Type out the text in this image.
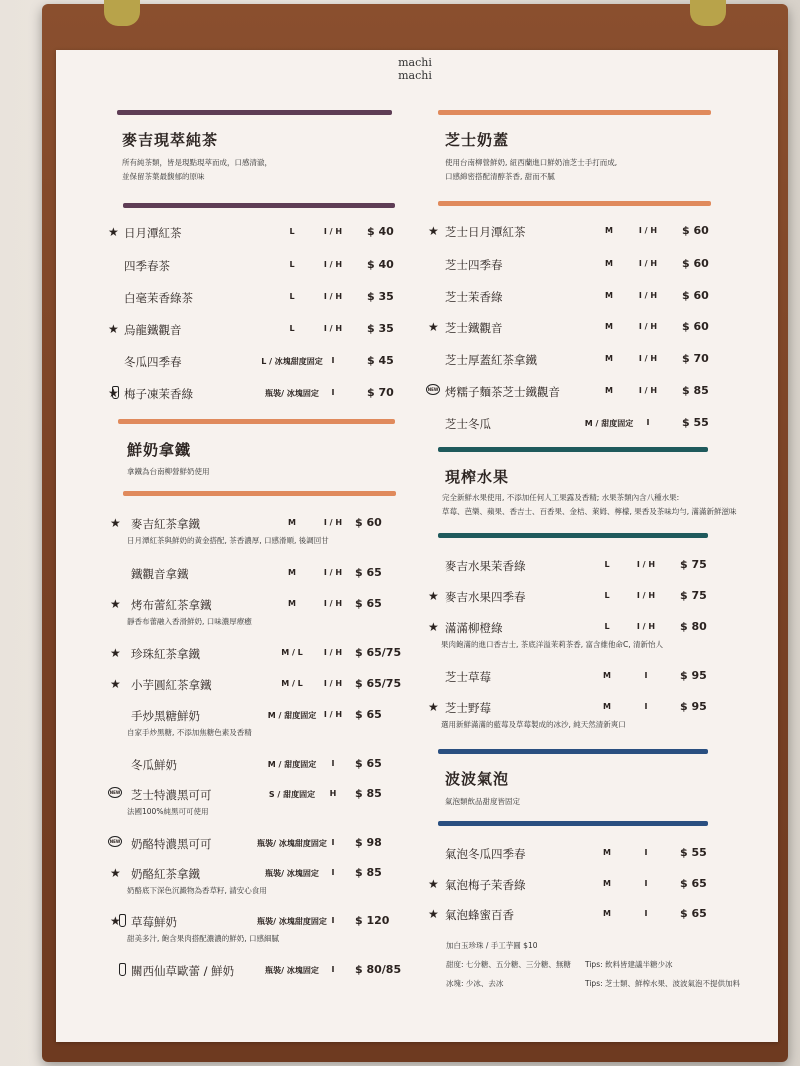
machi
machi
麥吉現萃純茶
所有純茶類，皆是現點現萃而成，口感清澈，
並保留茶葉最馥郁的原味
★ 日月潭紅茶	L	I / H $ 40
四季春茶	L	I / H $ 40
白毫茉香綠茶	L	I / H $ 35
★ 烏龍鐵觀音	L	I / H $ 35
冬瓜四季春	L / 冰塊甜度固定 I	$ 45
★ 梅子凍茉香綠	瓶裝/ 冰塊固定 I	$ 70
鮮奶拿鐵
拿鐵為台南柳營鮮奶使用
★ 麥吉紅茶拿鐵	M	I / H $ 60
日月潭紅茶與鮮奶的黃金搭配, 茶香濃厚, 口感滑順, 後調回甘
鐵觀音拿鐵	M	I / H $ 65
★ 烤布蕾紅茶拿鐵	M	I / H $ 65
靜香布蕾融入香滑鮮奶, 口味濃厚療癒
★ 珍珠紅茶拿鐵	M / L	I / H $ 65/75
★ 小芋圓紅茶拿鐵	M / L	I / H $ 65/75
手炒黑糖鮮奶	M / 甜度固定 I / H $ 65
自家手炒黑糖, 不添加焦糖色素及香精
冬瓜鮮奶	M / 甜度固定 I $ 65
NEW 芝士特濃黑可可	S / 甜度固定 H $ 85
法國100%純黑可可使用
NEW 奶酪特濃黑可可	瓶裝/ 冰塊甜度固定 I $ 98
★ 奶酪紅茶拿鐵	瓶裝/ 冰塊固定 I $ 85
奶酪底下深色沉澱物為香草籽, 請安心食用
★ 草莓鮮奶	瓶裝/ 冰塊甜度固定 I $ 120
甜美多汁, 飽含果肉搭配濃濃的鮮奶, 口感細膩
關西仙草歐蕾 / 鮮奶	瓶裝/ 冰塊固定 I $ 80/85
芝士奶蓋
使用台南柳營鮮奶, 紐西蘭進口鮮奶油芝士手打而成,
口感綿密搭配清醇茶香, 甜而不膩
★ 芝士日月潭紅茶	M	I / H $ 60
芝士四季春	M	I / H $ 60
芝士茉香綠	M	I / H $ 60
★ 芝士鐵觀音	M	I / H $ 60
芝士厚蓋紅茶拿鐵	M	I / H $ 70
NEW 烤糯子麵茶芝士鐵觀音	M	I / H $ 85
芝士冬瓜	M / 甜度固定 I	$ 55
現榨水果
完全新鮮水果使用, 不添加任何人工果露及香精; 水果茶類內含八種水果:
草莓、芭樂、蘋果、香吉士、百香果、金桔、萊姆、檸檬, 果香及茶味均勻, 滿滿新鮮滋味
麥吉水果茉香綠	L	I / H $ 75
★ 麥吉水果四季春	L	I / H $ 75
★ 滿滿柳橙綠	L	I / H $ 80
果肉飽滿的進口香吉士, 茶底洋溢茉莉茶香, 富含維他命C, 清新怡人
芝士草莓	M	I	$ 95
★ 芝士野莓	M	I	$ 95
選用新鮮滿滿的藍莓及草莓製成的冰沙, 純天然清新爽口
波波氣泡
氣泡類飲品甜度皆固定
氣泡冬瓜四季春	M	I	$ 55
★ 氣泡梅子茉香綠	M	I	$ 65
★ 氣泡蜂蜜百香	M	I	$ 65
加白玉珍珠 / 手工芋圓 $10
甜度: 七分糖、五分糖、三分糖、無糖
冰塊: 少冰、去冰
Tips: 飲料皆建議半糖少冰
Tips: 芝士類、鮮榨水果、波波氣泡不提供加料
